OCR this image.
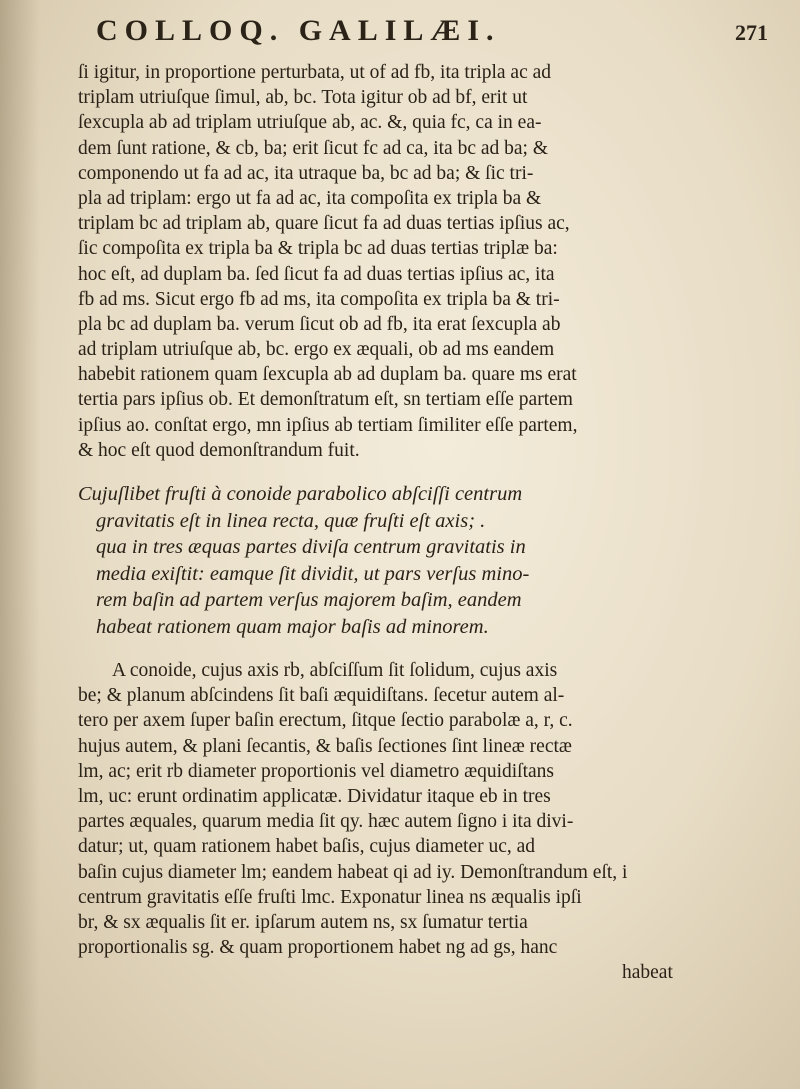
COLLOQ. GALILÆI.	271
ſi igitur, in proportione perturbata, ut of ad fb, ita tripla ac ad
triplam utriuſque ſimul, ab, bc. Tota igitur ob ad bf, erit ut
ſexcupla ab ad triplam utriuſque ab, ac. &, quia fc, ca in ea-
dem ſunt ratione, & cb, ba; erit ſicut fc ad ca, ita bc ad ba; &
componendo ut fa ad ac, ita utraque ba, bc ad ba; & ſic tri-
pla ad triplam: ergo ut fa ad ac, ita compoſita ex tripla ba &
triplam bc ad triplam ab, quare ſicut fa ad duas tertias ipſius ac,
ſic compoſita ex tripla ba & tripla bc ad duas tertias triplæ ba:
hoc eſt, ad duplam ba. ſed ſicut fa ad duas tertias ipſius ac, ita
fb ad ms. Sicut ergo fb ad ms, ita compoſita ex tripla ba & tri-
pla bc ad duplam ba. verum ſicut ob ad fb, ita erat ſexcupla ab
ad triplam utriuſque ab, bc. ergo ex æquali, ob ad ms eandem
habebit rationem quam ſexcupla ab ad duplam ba. quare ms erat
tertia pars ipſius ob. Et demonſtratum eſt, sn tertiam eſſe partem
ipſius ao. conſtat ergo, mn ipſius ab tertiam ſimiliter eſſe partem,
& hoc eſt quod demonſtrandum fuit.
Cujuſlibet fruſti à conoide parabolico abſciſſi centrum
gravitatis eſt in linea recta, quæ fruſti eſt axis; .
qua in tres æquas partes diviſa centrum gravitatis in
media exiſtit: eamque ſit dividit, ut pars verſus mino-
rem baſin ad partem verſus majorem baſim, eandem
habeat rationem quam major baſis ad minorem.
A conoide, cujus axis rb, abſciſſum ſit ſolidum, cujus axis
be; & planum abſcindens ſit baſi æquidiſtans. ſecetur autem al-
tero per axem ſuper baſin erectum, ſitque ſectio parabolæ a, r, c.
hujus autem, & plani ſecantis, & baſis ſectiones ſint lineæ rectæ
lm, ac; erit rb diameter proportionis vel diametro æquidiſtans
lm, uc: erunt ordinatim applicatæ. Dividatur itaque eb in tres
partes æquales, quarum media ſit qy. hæc autem ſigno i ita divi-
datur; ut, quam rationem habet baſis, cujus diameter uc, ad
baſin cujus diameter lm; eandem habeat qi ad iy. Demonſtrandum eſt, i
centrum gravitatis eſſe fruſti lmc. Exponatur linea ns æqualis ipſi
br, & sx æqualis ſit er. ipſarum autem ns, sx ſumatur tertia
proportionalis sg. & quam proportionem habet ng ad gs, hanc
habeat
